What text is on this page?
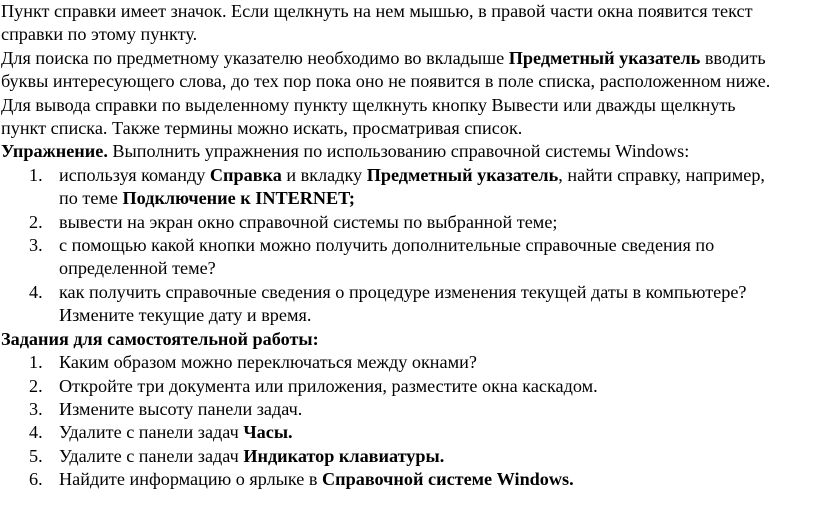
Пункт справки имеет значок. Если щелкнуть на нем мышью, в правой части окна появится текст
справки по этому пункту.
Для поиска по предметному указателю необходимо во вкладыше Предметный указатель вводить
буквы интересующего слова, до тех пор пока оно не появится в поле списка, расположенном ниже.
Для вывода справки по выделенному пункту щелкнуть кнопку Вывести или дважды щелкнуть
пункт списка. Также термины можно искать, просматривая список.
Упражнение. Выполнить упражнения по использованию справочной системы Windows:
1. используя команду Справка и вкладку Предметный указатель, найти справку, например,
по теме Подключение к INTERNET;
2. вывести на экран окно справочной системы по выбранной теме;
3. с помощью какой кнопки можно получить дополнительные справочные сведения по
определенной теме?
4. как получить справочные сведения о процедуре изменения текущей даты в компьютере?
Измените текущие дату и время.
Задания для самостоятельной работы:
1. Каким образом можно переключаться между окнами?
2. Откройте три документа или приложения, разместите окна каскадом.
3. Измените высоту панели задач.
4. Удалите с панели задач Часы.
5. Удалите с панели задач Индикатор клавиатуры.
6. Найдите информацию о ярлыке в Справочной системе Windows.
